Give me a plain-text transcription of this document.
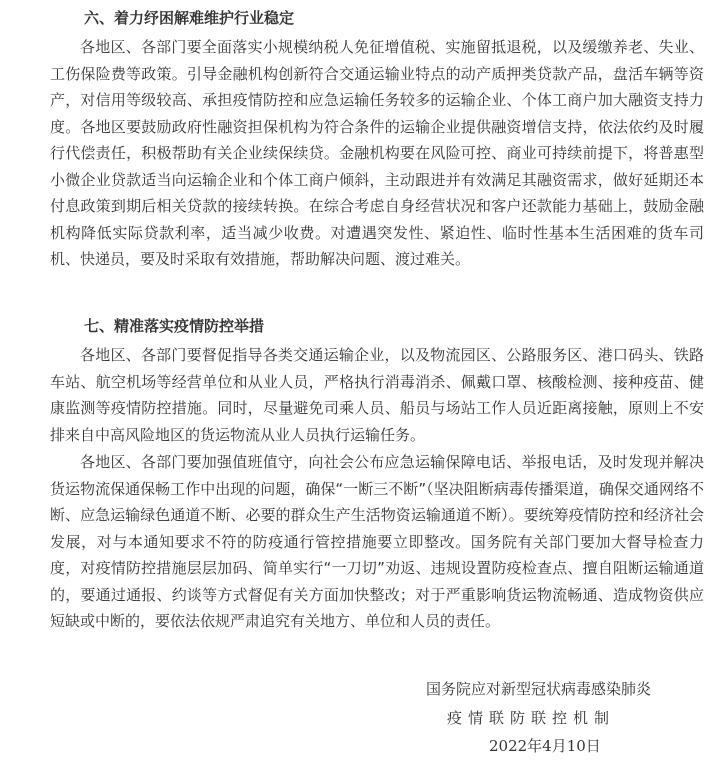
六、着力纾困解难维护行业稳定

各地区、各部门要全面落实小规模纳税人免征增值税、实施留抵退税，以及缓缴养老、失业、工伤保险费等政策。引导金融机构创新符合交通运输业特点的动产质押类贷款产品，盘活车辆等资产，对信用等级较高、承担疫情防控和应急运输任务较多的运输企业、个体工商户加大融资支持力度。各地区要鼓励政府性融资担保机构为符合条件的运输企业提供融资增信支持，依法依约及时履行代偿责任，积极帮助有关企业续保续贷。金融机构要在风险可控、商业可持续前提下，将普惠型小微企业贷款适当向运输企业和个体工商户倾斜，主动跟进并有效满足其融资需求，做好延期还本付息政策到期后相关贷款的接续转换。在综合考虑自身经营状况和客户还款能力基础上，鼓励金融机构降低实际贷款利率，适当减少收费。对遭遇突发性、紧迫性、临时性基本生活困难的货车司机、快递员，要及时采取有效措施，帮助解决问题、渡过难关。

七、精准落实疫情防控举措

各地区、各部门要督促指导各类交通运输企业，以及物流园区、公路服务区、港口码头、铁路车站、航空机场等经营单位和从业人员，严格执行消毒消杀、佩戴口罩、核酸检测、接种疫苗、健康监测等疫情防控措施。同时，尽量避免司乘人员、船员与场站工作人员近距离接触，原则上不安排来自中高风险地区的货运物流从业人员执行运输任务。

各地区、各部门要加强值班值守，向社会公布应急运输保障电话、举报电话，及时发现并解决货运物流保通保畅工作中出现的问题，确保“一断三不断”（坚决阻断病毒传播渠道，确保交通网络不断、应急运输绿色通道不断、必要的群众生产生活物资运输通道不断）。要统筹疫情防控和经济社会发展，对与本通知要求不符的防疫通行管控措施要立即整改。国务院有关部门要加大督导检查力度，对疫情防控措施层层加码、简单实行“一刀切”劝返、违规设置防疫检查点、擅自阻断运输通道的，要通过通报、约谈等方式督促有关方面加快整改；对于严重影响货运物流畅通、造成物资供应短缺或中断的，要依法依规严肃追究有关地方、单位和人员的责任。

国务院应对新型冠状病毒感染肺炎
疫情联防联控机制
2022年4月10日
